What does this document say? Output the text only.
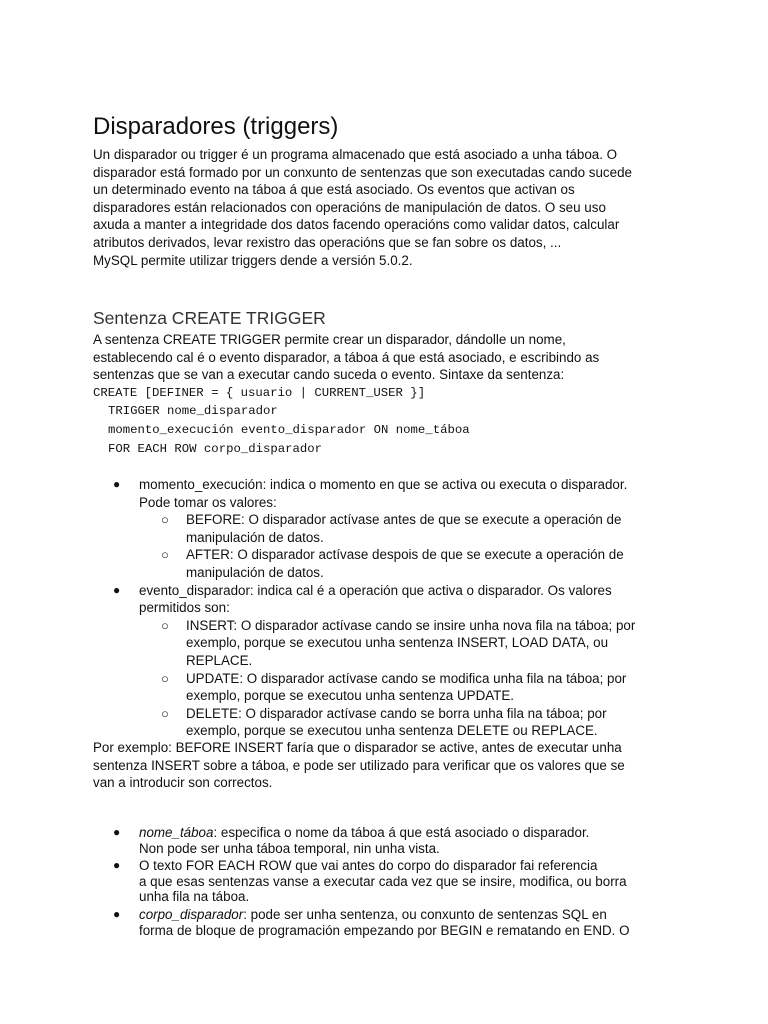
Disparadores (triggers)

Un disparador ou trigger é un programa almacenado que está asociado a unha táboa. O

disparador está formado por un conxunto de sentenzas que son executadas cando sucede

un determinado evento na táboa á que está asociado. Os eventos que activan os

disparadores están relacionados con operacións de manipulación de datos. O seu uso

axuda a manter a integridade dos datos facendo operacións como validar datos, calcular

atributos derivados, levar rexistro das operacións que se fan sobre os datos, ...

MySQL permite utilizar triggers dende a versión 5.0.2.

Sentenza CREATE TRIGGER

A sentenza CREATE TRIGGER permite crear un disparador, dándolle un nome,

establecendo cal é o evento disparador, a táboa á que está asociado, e escribindo as

sentenzas que se van a executar cando suceda o evento. Sintaxe da sentenza:

CREATE [DEFINER = { usuario | CURRENT_USER }]

TRIGGER nome_disparador

momento_execución evento_disparador ON nome_táboa

FOR EACH ROW corpo_disparador

● momento_execución: indica o momento en que se activa ou executa o disparador.
Pode tomar os valores:
○ BEFORE: O disparador actívase antes de que se execute a operación de
manipulación de datos.
○ AFTER: O disparador actívase despois de que se execute a operación de
manipulación de datos.
● evento_disparador: indica cal é a operación que activa o disparador. Os valores
permitidos son:
○ INSERT: O disparador actívase cando se insire unha nova fila na táboa; por
exemplo, porque se executou unha sentenza INSERT, LOAD DATA, ou
REPLACE.
○ UPDATE: O disparador actívase cando se modifica unha fila na táboa; por
exemplo, porque se executou unha sentenza UPDATE.
○ DELETE: O disparador actívase cando se borra unha fila na táboa; por
exemplo, porque se executou unha sentenza DELETE ou REPLACE.

Por exemplo: BEFORE INSERT faría que o disparador se active, antes de executar unha

sentenza INSERT sobre a táboa, e pode ser utilizado para verificar que os valores que se

van a introducir son correctos.

● nome_táboa: especifica o nome da táboa á que está asociado o disparador.
Non pode ser unha táboa temporal, nin unha vista.
● O texto FOR EACH ROW que vai antes do corpo do disparador fai referencia
a que esas sentenzas vanse a executar cada vez que se insire, modifica, ou borra
unha fila na táboa.
● corpo_disparador: pode ser unha sentenza, ou conxunto de sentenzas SQL en
forma de bloque de programación empezando por BEGIN e rematando en END. O
